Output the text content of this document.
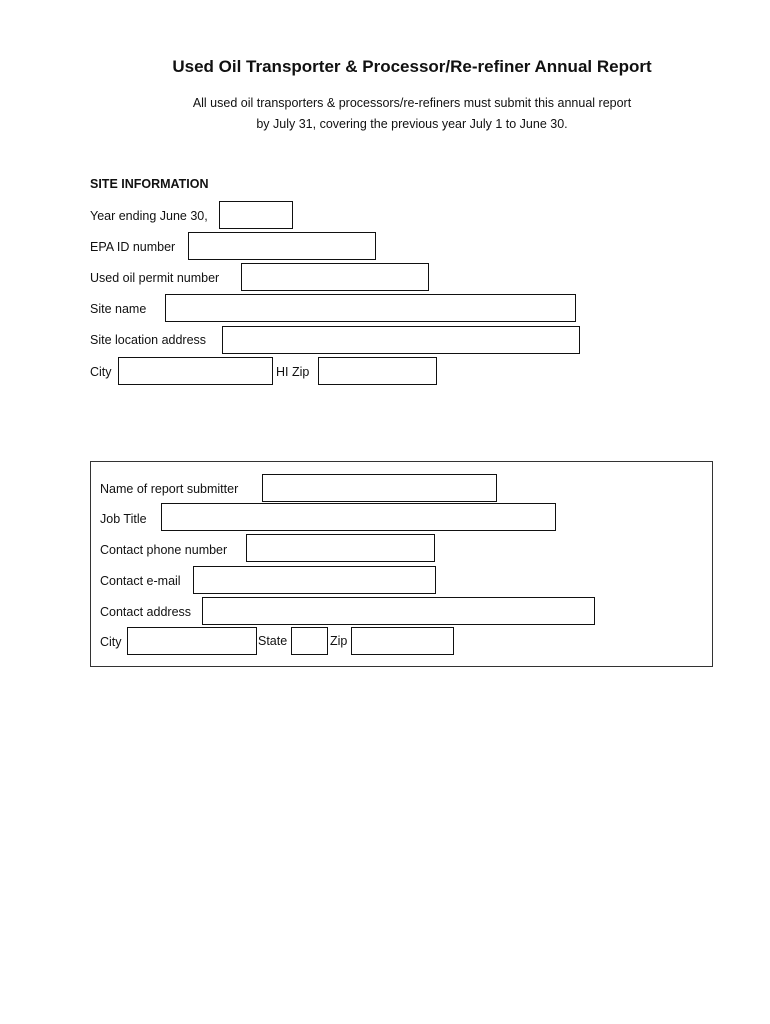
Used Oil Transporter & Processor/Re-refiner Annual Report
All used oil transporters & processors/re-refiners must submit this annual report
by July 31, covering the previous year July 1 to June 30.
SITE INFORMATION
Year ending June 30,
EPA ID number
Used oil permit number
Site name
Site location address
City	HI Zip
Name of report submitter
Job Title
Contact phone number
Contact e-mail
Contact address
City	State	Zip
